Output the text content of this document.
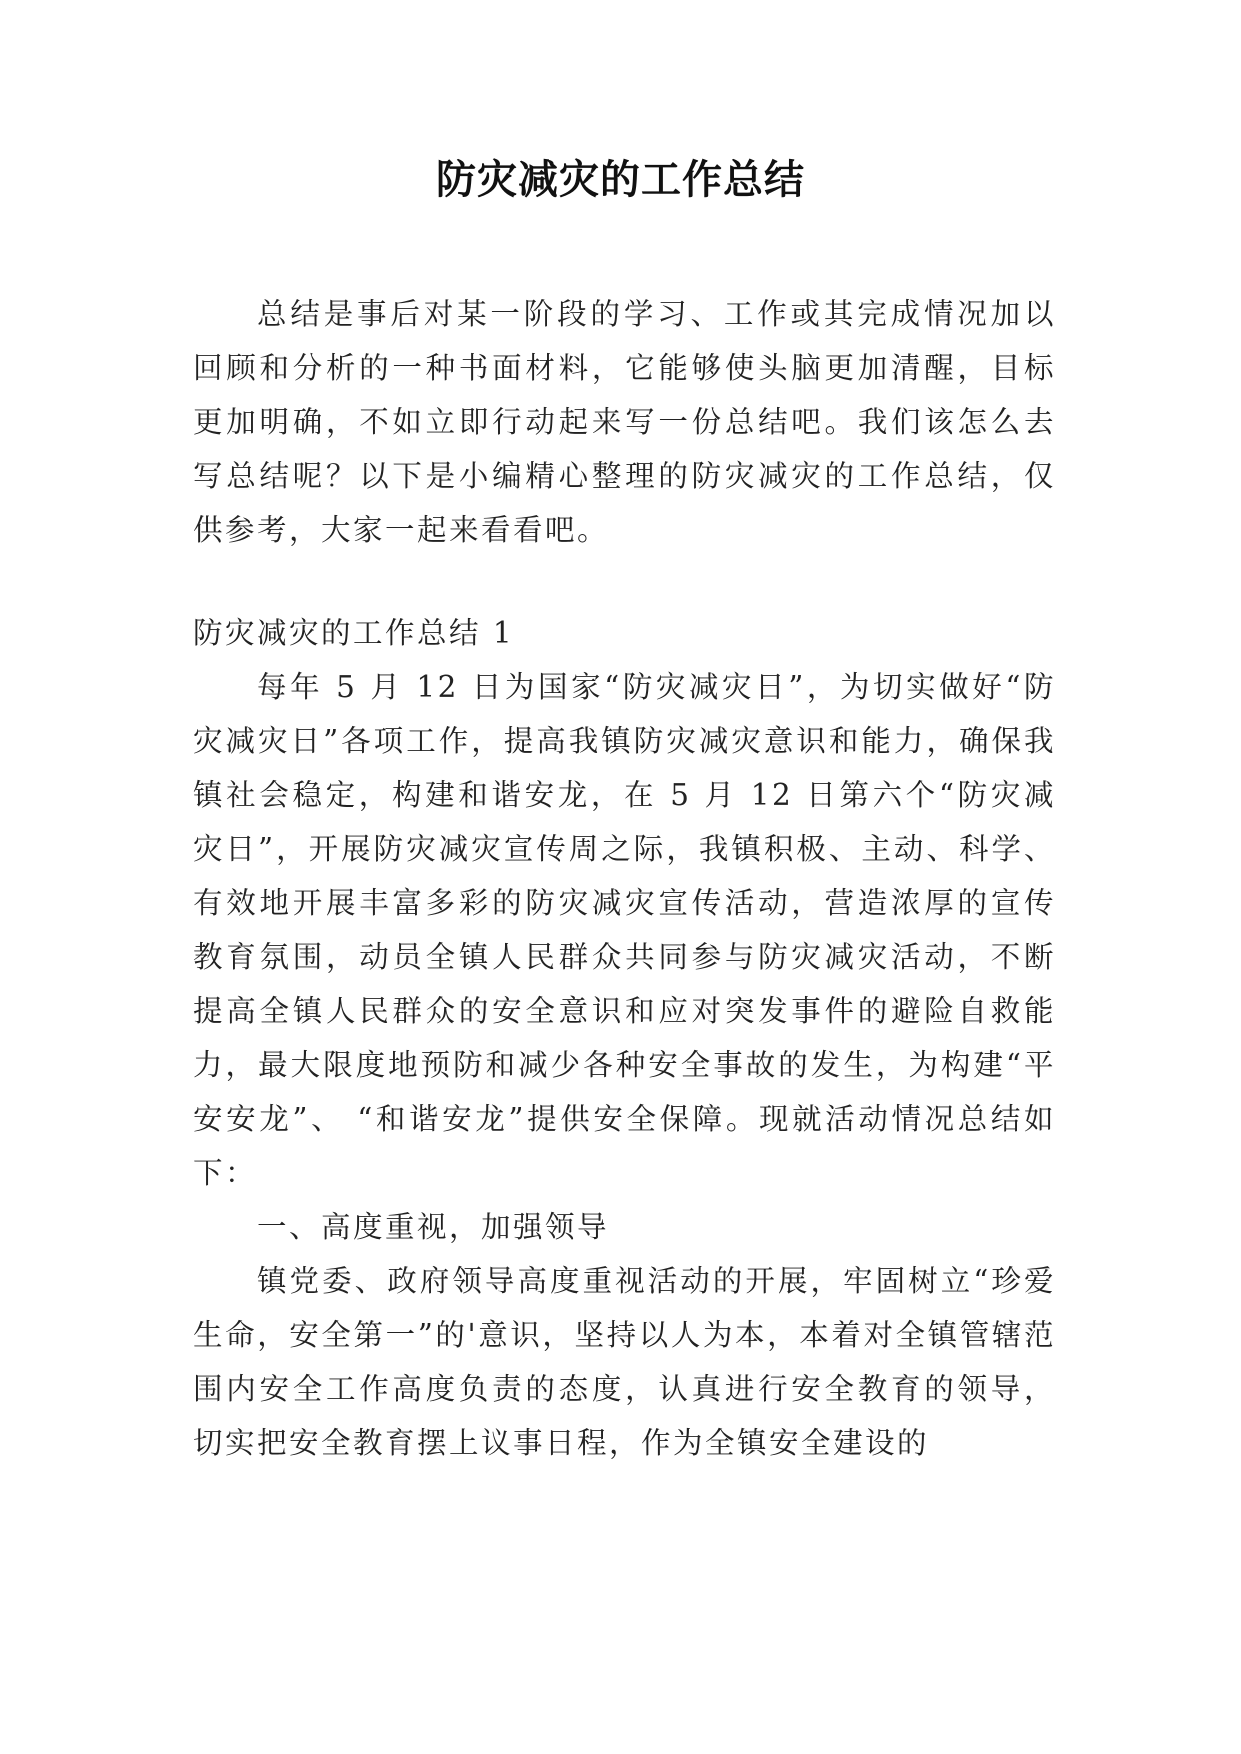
防灾减灾的工作总结

总结是事后对某一阶段的学习、工作或其完成情况加以回顾和分析的一种书面材料，它能够使头脑更加清醒，目标更加明确，不如立即行动起来写一份总结吧。我们该怎么去写总结呢？以下是小编精心整理的防灾减灾的工作总结，仅供参考，大家一起来看看吧。

防灾减灾的工作总结 1

每年 5 月 12 日为国家“防灾减灾日”，为切实做好“防灾减灾日”各项工作，提高我镇防灾减灾意识和能力，确保我镇社会稳定，构建和谐安龙，在 5 月 12 日第六个“防灾减灾日”，开展防灾减灾宣传周之际，我镇积极、主动、科学、有效地开展丰富多彩的防灾减灾宣传活动，营造浓厚的宣传教育氛围，动员全镇人民群众共同参与防灾减灾活动，不断提高全镇人民群众的安全意识和应对突发事件的避险自救能力，最大限度地预防和减少各种安全事故的发生，为构建“平安安龙”、 “和谐安龙”提供安全保障。现就活动情况总结如下：

一、高度重视，加强领导

镇党委、政府领导高度重视活动的开展，牢固树立“珍爱生命，安全第一”的'意识，坚持以人为本，本着对全镇管辖范围内安全工作高度负责的态度，认真进行安全教育的领导，切实把安全教育摆上议事日程，作为全镇安全建设的
